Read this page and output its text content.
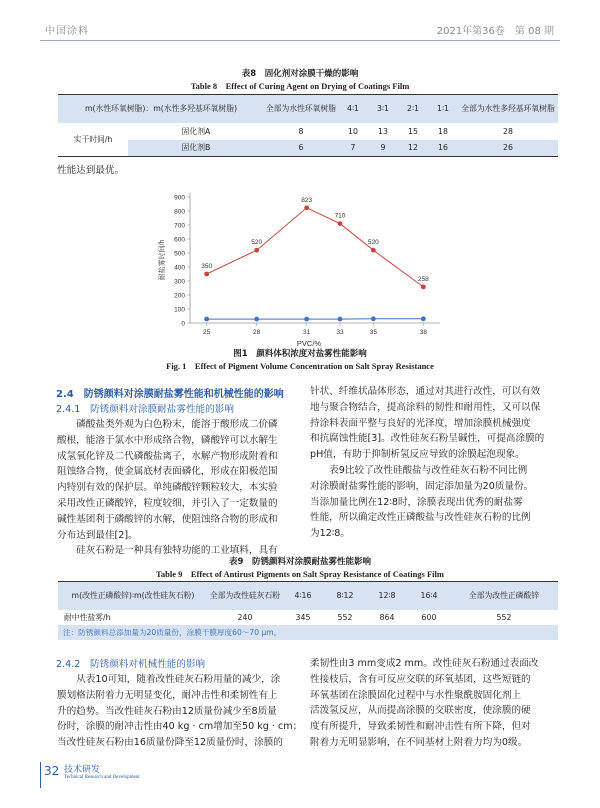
中国涂料	2021年第36卷　第 08 期
表8　固化剂对涂膜干燥的影响
Table 8　Effect of Curing Agent on Drying of Coatings Film
m(水性环氧树脂)：m(水性多羟基环氧树脂)		全部为水性环氧树脂	4∶1	3∶1	2∶1	1∶1	全部为水性多羟基环氧树脂
实干时间/h	固化剂A	8	10	13	15	18	28
	固化剂B	6	7	9	12	16	26
性能达到最优。
0
100
200
300
400
500
600
700
800
900
25	28	31	33	35	38
PVC/%
耐盐雾时间/h	350
520
823
710
520
258
图1　颜料体积浓度对盐雾性能影响
Fig. 1　Effect of Pigment Volume Concentration on Salt Spray Resistance
2.4　防锈颜料对涂膜耐盐雾性能和机械性能的影响
2.4.1　防锈颜料对涂膜耐盐雾性能的影响
　　磷酸盐类外观为白色粉末，能溶于酸形成二价磷
酸根，能溶于氯水中形成络合物，磷酸锌可以水解生
成氢氧化锌及二代磷酸盐离子，水解产物形成附着和
阻蚀络合物，使金属底材表面磷化，形成在阳极范围
内特别有效的保护层。单纯磷酸锌颗粒较大，本实验
采用改性正磷酸锌，粒度较细，并引入了一定数量的
碱性基团利于磷酸锌的水解，使阻蚀络合物的形成和
分布达到最佳[2]。
　　硅灰石粉是一种具有独特功能的工业填料，具有
针状、纤维状晶体形态，通过对其进行改性，可以有效
地与聚合物结合，提高涂料的韧性和耐用性，又可以保
持涂料表面平整与良好的光泽度，增加涂膜机械强度
和抗腐蚀性能[3]。改性硅灰石粉呈碱性，可提高涂膜的
pH值，有助于抑制析氢反应导致的涂膜起泡现象。
　　表9比较了改性硅酸盐与改性硅灰石粉不同比例
对涂膜耐盐雾性能的影响，固定添加量为20质量份。
当添加量比例在12∶8时，涂膜表现出优秀的耐盐雾
性能，所以确定改性正磷酸盐与改性硅灰石粉的比例
为12∶8。
表9　防锈颜料对涂膜耐盐雾性能影响
Table 9　Effect of Antirust Pigments on Salt Spray Resistance of Coatings Film
m(改性正磷酸锌)∶m(改性硅灰石粉)	全部为改性硅灰石粉	4∶16	8∶12	12∶8	16∶4	全部为改性正磷酸锌
耐中性盐雾/h	240	345	552	864	600	552
注：防锈颜料总添加量为20质量份，涂膜干膜厚度60～70 μm。
2.4.2　防锈颜料对机械性能的影响
　　从表10可知，随着改性硅灰石粉用量的减少，涂
膜划格法附着力无明显变化，耐冲击性和柔韧性有上
升的趋势。当改性硅灰石粉由12质量份减少至8质量
份时，涂膜的耐冲击性由40 kg · cm增加至50 kg · cm；
当改性硅灰石粉由16质量份降至12质量份时，涂膜的
柔韧性由3 mm变成2 mm。改性硅灰石粉通过表面改
性接枝后，含有可反应交联的环氧基团，这些短链的
环氧基团在涂膜固化过程中与水性聚酰胺固化剂上
活泼氢反应，从而提高涂膜的交联密度，使涂膜的硬
度有所提升，导致柔韧性和耐冲击性有所下降，但对
附着力无明显影响，在不同基材上附着力均为0级。
32 技术研发
Technical Research and Development
